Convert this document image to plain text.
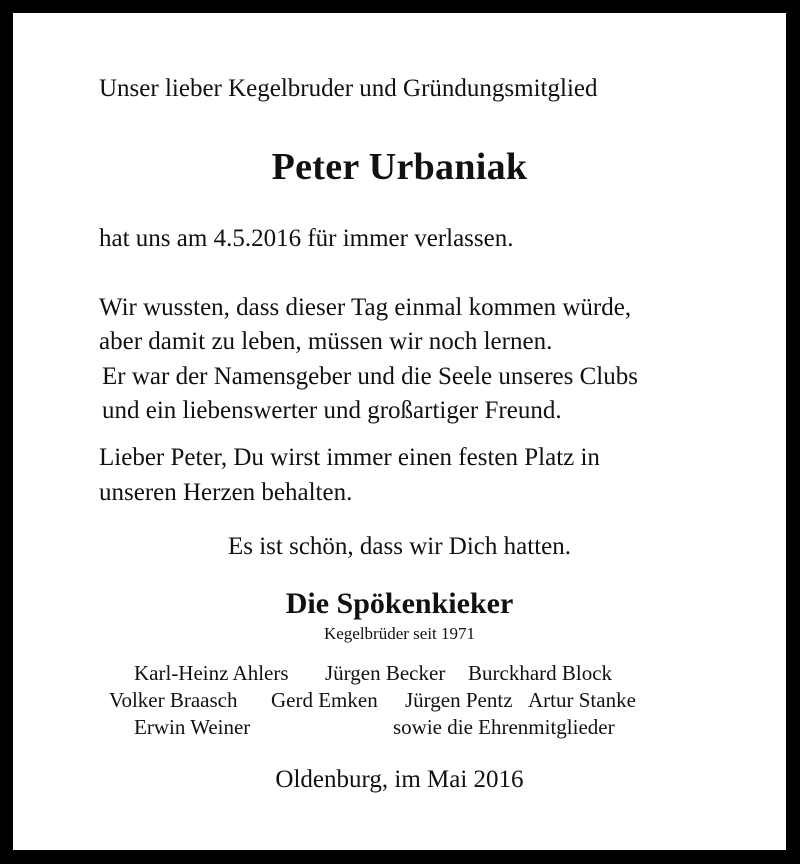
Unser lieber Kegelbruder und Gründungsmitglied

Peter Urbaniak

hat uns am 4.5.2016 für immer verlassen.

Wir wussten, dass dieser Tag einmal kommen würde,

aber damit zu leben, müssen wir noch lernen.

Er war der Namensgeber und die Seele unseres Clubs

und ein liebenswerter und großartiger Freund.

Lieber Peter, Du wirst immer einen festen Platz in

unseren Herzen behalten.

Es ist schön, dass wir Dich hatten.

Die Spökenkieker

Kegelbrüder seit 1971

Karl-Heinz Ahlers Jürgen Becker Burckhard Block
Volker Braasch Gerd Emken Jürgen Pentz Artur Stanke
Erwin Weiner	sowie die Ehrenmitglieder

Oldenburg, im Mai 2016
